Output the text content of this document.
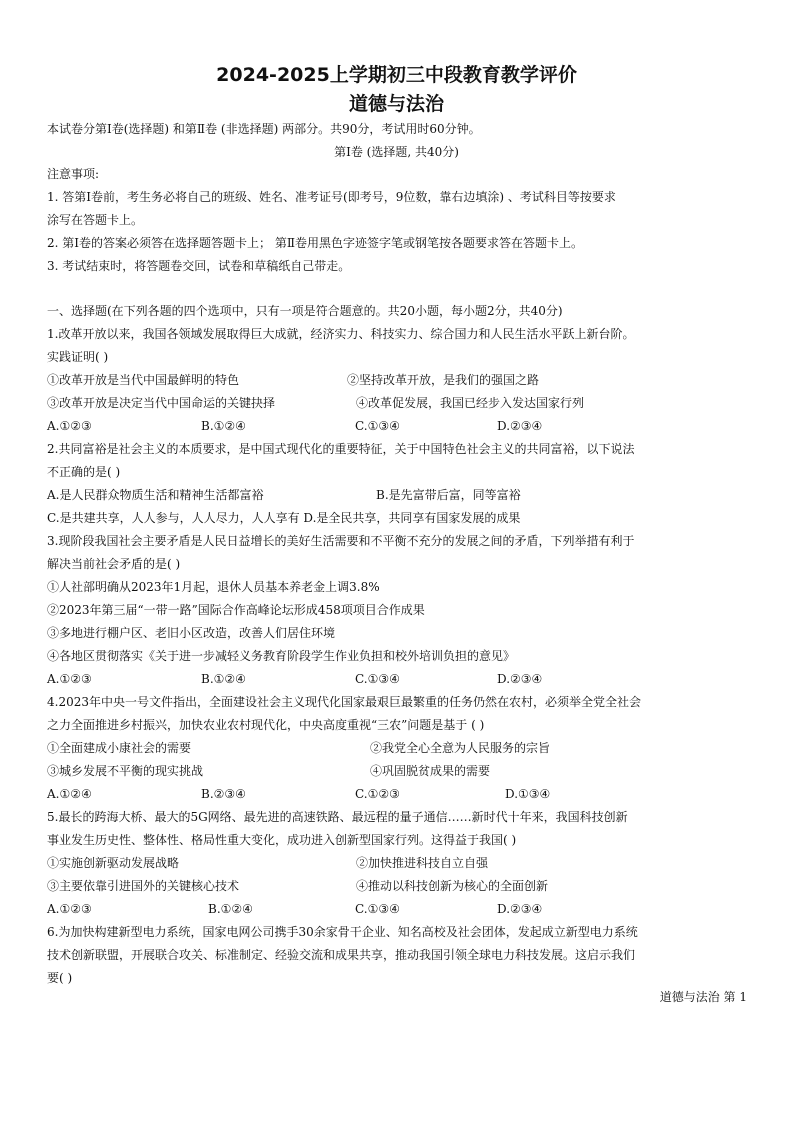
2024-2025上学期初三中段教育教学评价
道德与法治
本试卷分第Ⅰ卷(选择题) 和第Ⅱ卷 (非选择题) 两部分。共90分，考试用时60分钟。
第Ⅰ卷 (选择题, 共40分)
注意事项:
1. 答第Ⅰ卷前，考生务必将自己的班级、姓名、准考证号(即考号，9位数，靠右边填涂) 、考试科目等按要求
涂写在答题卡上。
2. 第Ⅰ卷的答案必须答在选择题答题卡上； 第Ⅱ卷用黑色字迹签字笔或钢笔按各题要求答在答题卡上。
3. 考试结束时，将答题卷交回，试卷和草稿纸自己带走。
一、选择题(在下列各题的四个选项中，只有一项是符合题意的。共20小题，每小题2分，共40分)
1.改革开放以来，我国各领域发展取得巨大成就，经济实力、科技实力、综合国力和人民生活水平跃上新台阶。
实践证明( )
①改革开放是当代中国最鲜明的特色	②坚持改革开放，是我们的强国之路
③改革开放是决定当代中国命运的关键抉择	④改革促发展，我国已经步入发达国家行列
A.①②③	B.①②④	C.①③④	D.②③④
2.共同富裕是社会主义的本质要求，是中国式现代化的重要特征，关于中国特色社会主义的共同富裕，以下说法
不正确的是( )
A.是人民群众物质生活和精神生活都富裕	B.是先富带后富，同等富裕
C.是共建共享，人人参与，人人尽力，人人享有 D.是全民共享，共同享有国家发展的成果
3.现阶段我国社会主要矛盾是人民日益增长的美好生活需要和不平衡不充分的发展之间的矛盾，下列举措有利于
解决当前社会矛盾的是( )
①人社部明确从2023年1月起，退休人员基本养老金上调3.8%
②2023年第三届“一带一路”国际合作高峰论坛形成458项项目合作成果
③多地进行棚户区、老旧小区改造，改善人们居住环境
④各地区贯彻落实《关于进一步减轻义务教育阶段学生作业负担和校外培训负担的意见》
A.①②③	B.①②④	C.①③④	D.②③④
4.2023年中央一号文件指出，全面建设社会主义现代化国家最艰巨最繁重的任务仍然在农村，必须举全党全社会
之力全面推进乡村振兴，加快农业农村现代化，中央高度重视“三农”问题是基于 ( )
①全面建成小康社会的需要	②我党全心全意为人民服务的宗旨
③城乡发展不平衡的现实挑战	④巩固脱贫成果的需要
A.①②④	B.②③④	C.①②③	D.①③④
5.最长的跨海大桥、最大的5G网络、最先进的高速铁路、最远程的量子通信……新时代十年来，我国科技创新
事业发生历史性、整体性、格局性重大变化，成功进入创新型国家行列。这得益于我国( )
①实施创新驱动发展战略	②加快推进科技自立自强
③主要依靠引进国外的关键核心技术	④推动以科技创新为核心的全面创新
A.①②③	B.①②④	C.①③④	D.②③④
6.为加快构建新型电力系统，国家电网公司携手30余家骨干企业、知名高校及社会团体，发起成立新型电力系统
技术创新联盟，开展联合攻关、标准制定、经验交流和成果共享，推动我国引领全球电力科技发展。这启示我们
要( )
道德与法治 第 1
